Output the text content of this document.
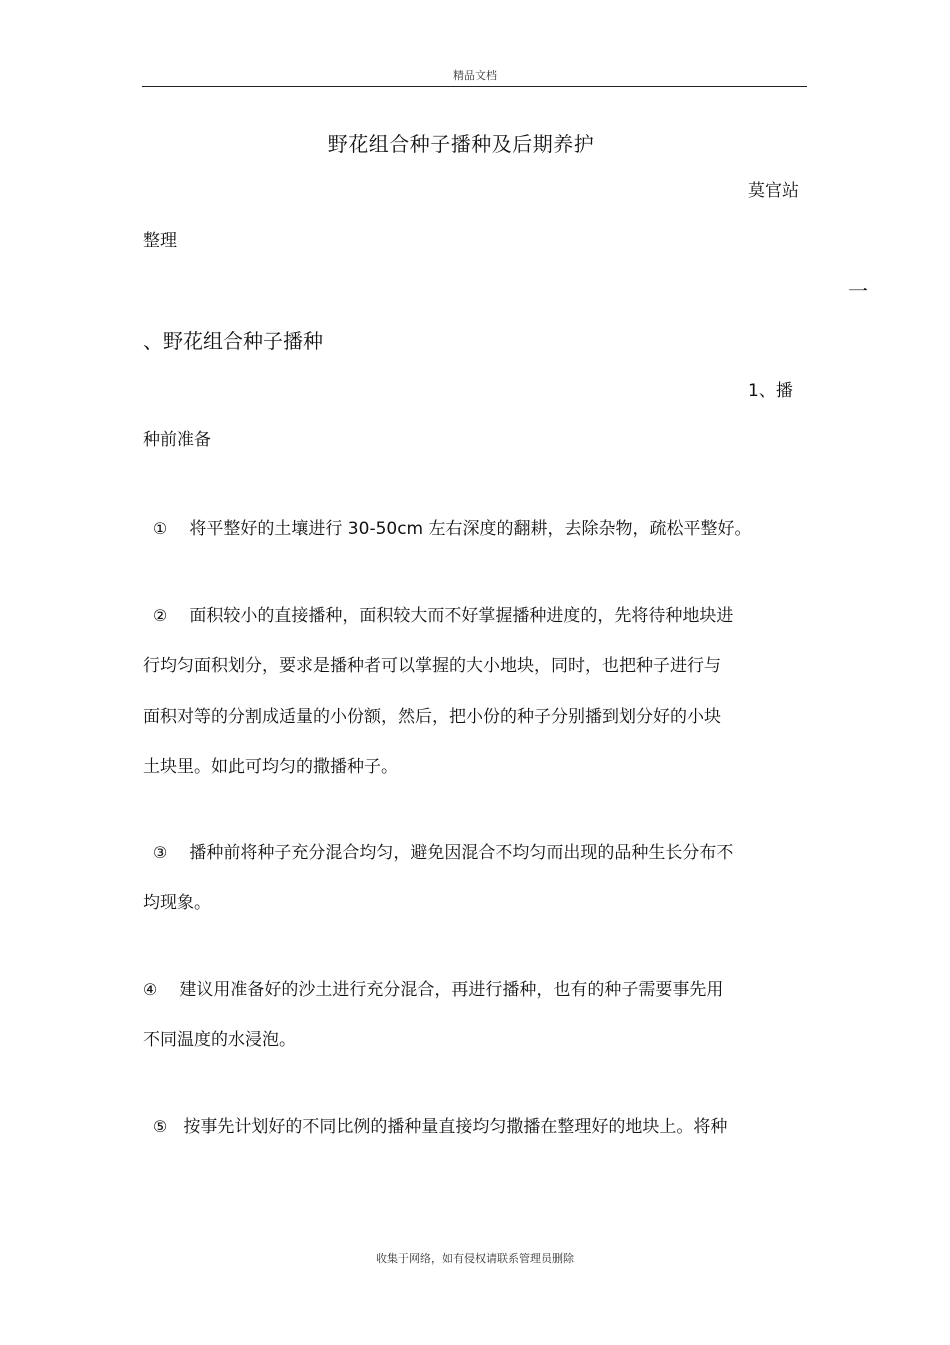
精品文档
野花组合种子播种及后期养护
莫官站
整理
一
、野花组合种子播种
1、播
种前准备
① 将平整好的土壤进行 30-50cm 左右深度的翻耕，去除杂物，疏松平整好。
② 面积较小的直接播种，面积较大而不好掌握播种进度的，先将待种地块进
行均匀面积划分，要求是播种者可以掌握的大小地块，同时，也把种子进行与
面积对等的分割成适量的小份额，然后，把小份的种子分别播到划分好的小块
土块里。如此可均匀的撒播种子。
③ 播种前将种子充分混合均匀，避免因混合不均匀而出现的品种生长分布不
均现象。
④ 建议用准备好的沙土进行充分混合，再进行播种，也有的种子需要事先用
不同温度的水浸泡。
⑤ 按事先计划好的不同比例的播种量直接均匀撒播在整理好的地块上。将种
收集于网络，如有侵权请联系管理员删除
